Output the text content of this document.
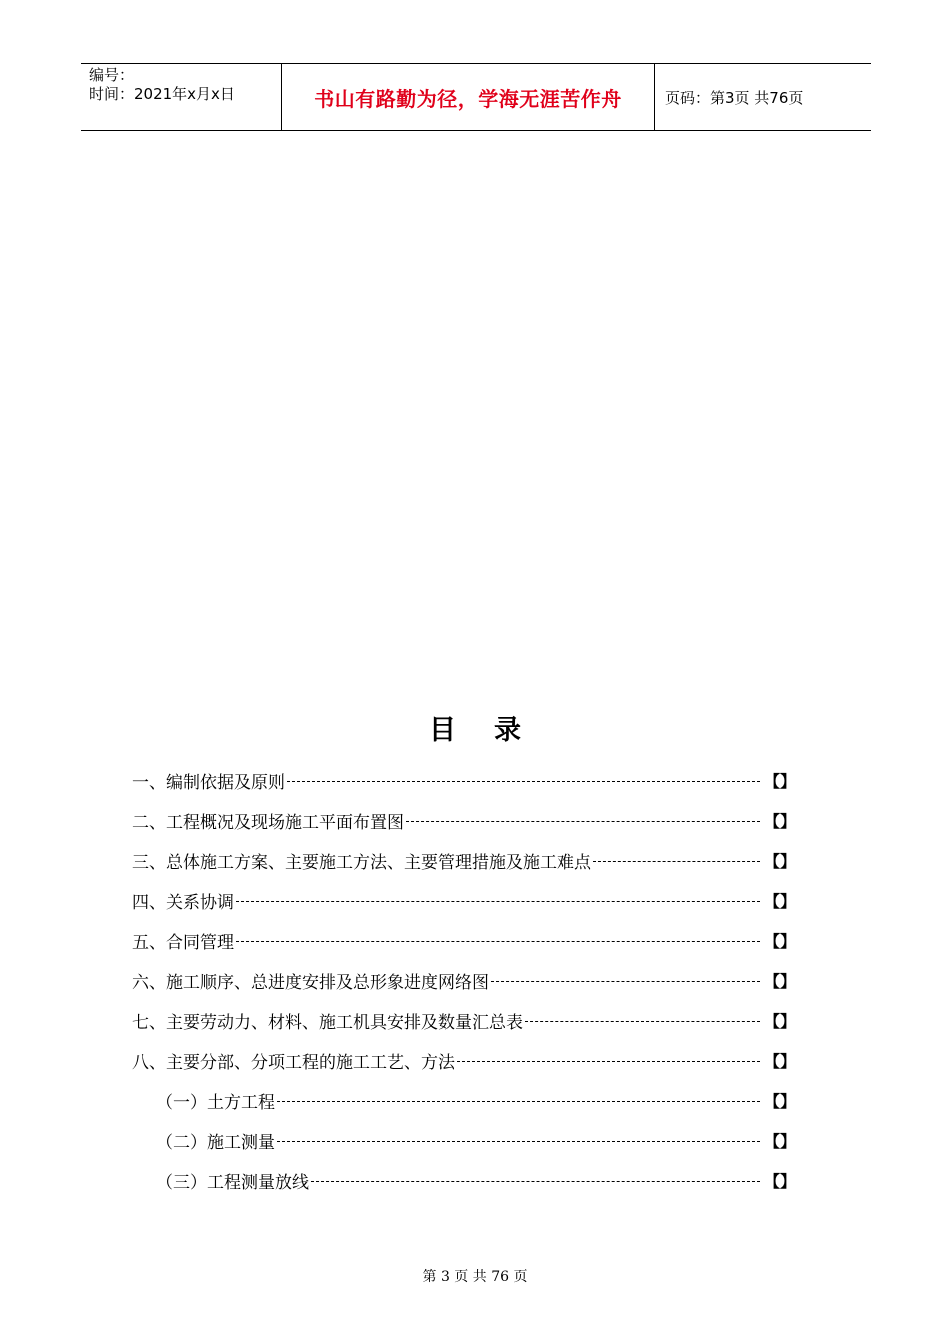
编号：
时间：2021年x月x日	书山有路勤为径，学海无涯苦作舟	页码：第3页 共76页
目录
一、编制依据及原则	【】
二、工程概况及现场施工平面布置图	【】
三、总体施工方案、主要施工方法、主要管理措施及施工难点	【】
四、关系协调	【】
五、合同管理	【】
六、施工顺序、总进度安排及总形象进度网络图	【】
七、主要劳动力、材料、施工机具安排及数量汇总表	【】
八、主要分部、分项工程的施工工艺、方法	【】
（一）土方工程	【】
（二）施工测量	【】
（三）工程测量放线	【】
第 3 页 共 76 页
